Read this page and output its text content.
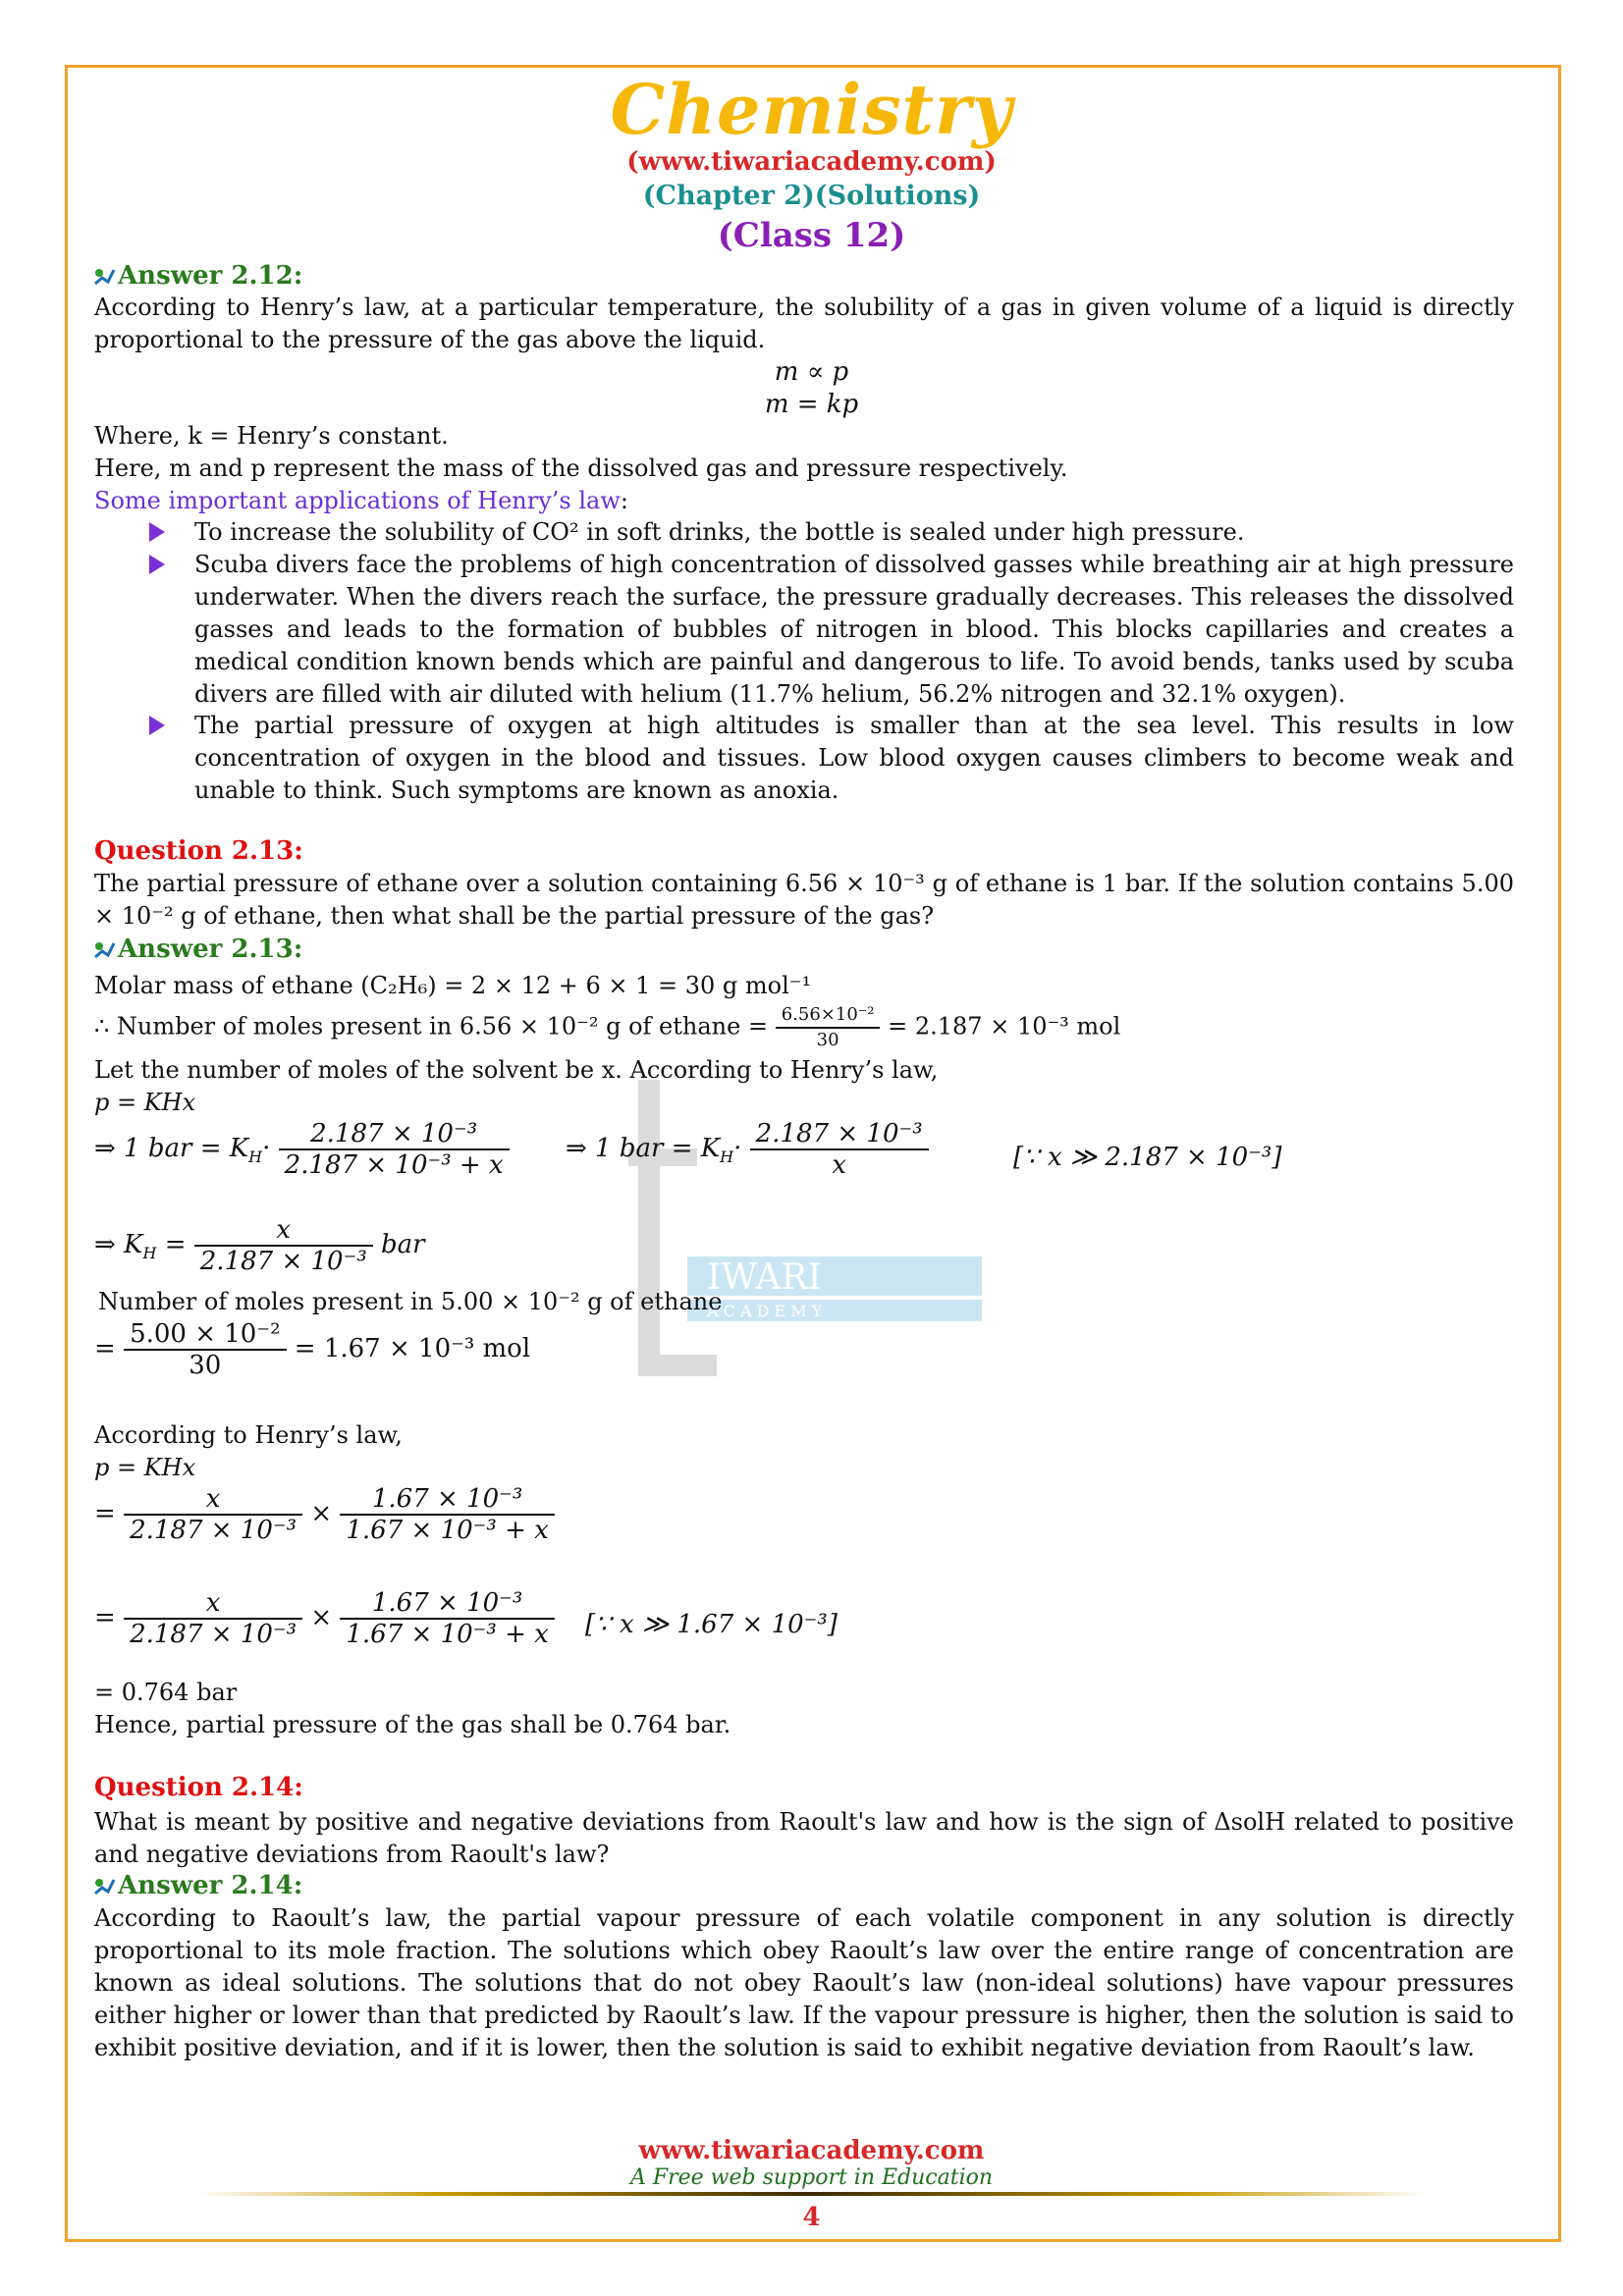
IWARI
A C A D E M Y
Chemistry
(www.tiwariacademy.com)
(Chapter 2)(Solutions)
(Class 12)
Answer 2.12:
According to Henry’s law, at a particular temperature, the solubility of a gas in given volume of a liquid is directly proportional to the pressure of the gas above the liquid.
m ∝ p
m = kp
Where, k = Henry’s constant.
Here, m and p represent the mass of the dissolved gas and pressure respectively.
Some important applications of Henry’s law:
To increase the solubility of CO² in soft drinks, the bottle is sealed under high pressure.
Scuba divers face the problems of high concentration of dissolved gasses while breathing air at high pressure underwater. When the divers reach the surface, the pressure gradually decreases. This releases the dissolved gasses and leads to the formation of bubbles of nitrogen in blood. This blocks capillaries and creates a medical condition known bends which are painful and dangerous to life. To avoid bends, tanks used by scuba divers are filled with air diluted with helium (11.7% helium, 56.2% nitrogen and 32.1% oxygen).
The partial pressure of oxygen at high altitudes is smaller than at the sea level. This results in low concentration of oxygen in the blood and tissues. Low blood oxygen causes climbers to become weak and unable to think. Such symptoms are known as anoxia.
Question 2.13:
The partial pressure of ethane over a solution containing 6.56 × 10⁻³ g of ethane is 1 bar. If the solution contains 5.00 × 10⁻² g of ethane, then what shall be the partial pressure of the gas?
Answer 2.13:
Molar mass of ethane (C₂H₆) = 2 × 12 + 6 × 1 = 30 g mol⁻¹
∴ Number of moles present in 6.56 × 10⁻² g of ethane = $\frac{\text{6.56×10⁻²}}{30} = 2.187 \times 10^{-3}$ mol
Let the number of moles of the solvent be x. According to Henry’s law,
p = KHx
⇒ 1 bar = $K_H\cdot \frac{\text{2.187 × 10⁻³}}{\text{2.187 × 10⁻³ + x}}$ ⇒ 1 bar = $K_H\cdot \frac{\text{2.187 × 10⁻³}}{x}$	[∵ x ≫ 2.187 × 10⁻³]
⇒ $K_H = \frac{x}{\text{2.187 × 10⁻³}}$ bar
Number of moles present in 5.00 × 10⁻² g of ethane
= $\frac{\text{5.00 × 10⁻²}}{30} = 1.67 \times 10^{-3}$ mol
According to Henry’s law,
p = KHx
= $\frac{x}{\text{2.187 × 10⁻³}} \times \frac{\text{1.67 × 10⁻³}}{\text{1.67 × 10⁻³ + x}}$
= $\frac{x}{\text{2.187 × 10⁻³}} \times \frac{\text{1.67 × 10⁻³}}{\text{1.67 × 10⁻³ + x}}$ [∵ x ≫ 1.67 × 10⁻³]
= 0.764 bar
Hence, partial pressure of the gas shall be 0.764 bar.
Question 2.14:
What is meant by positive and negative deviations from Raoult's law and how is the sign of ΔsolH related to positive and negative deviations from Raoult's law?
Answer 2.14:
According to Raoult’s law, the partial vapour pressure of each volatile component in any solution is directly proportional to its mole fraction. The solutions which obey Raoult’s law over the entire range of concentration are known as ideal solutions. The solutions that do not obey Raoult’s law (non-ideal solutions) have vapour pressures either higher or lower than that predicted by Raoult’s law. If the vapour pressure is higher, then the solution is said to exhibit positive deviation, and if it is lower, then the solution is said to exhibit negative deviation from Raoult’s law.
www.tiwariacademy.com
A Free web support in Education
4
